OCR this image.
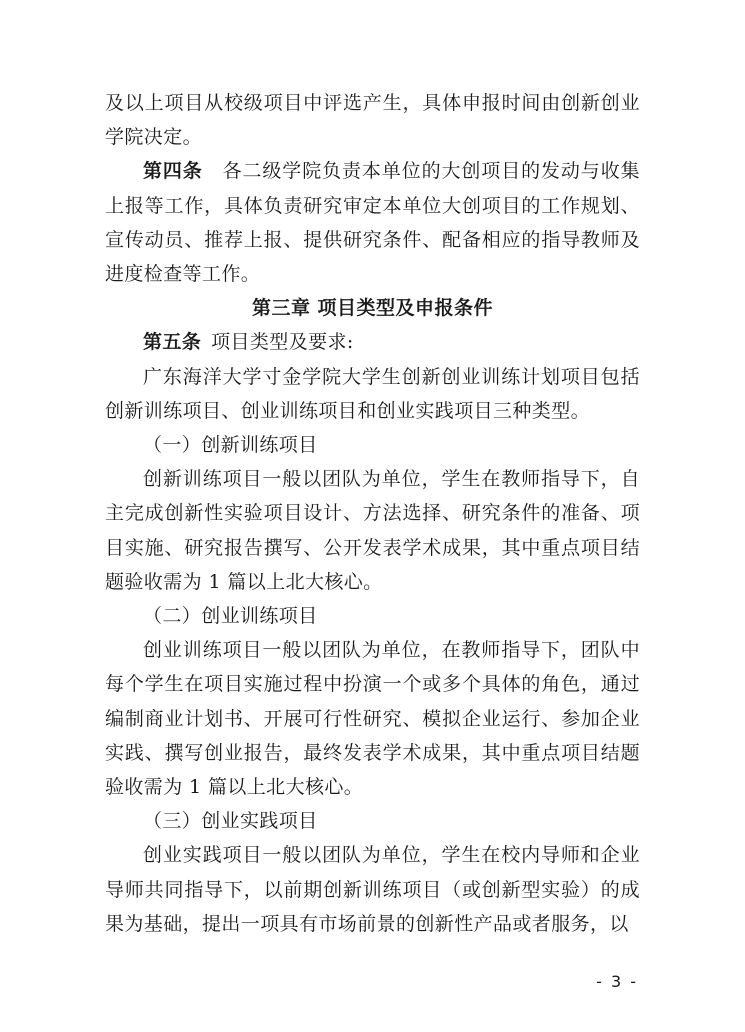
及以上项目从校级项目中评选产生，具体申报时间由创新创业学院决定。

第四条　 各二级学院负责本单位的大创项目的发动与收集上报等工作，具体负责研究审定本单位大创项目的工作规划、宣传动员、推荐上报、提供研究条件、配备相应的指导教师及进度检查等工作。

第三章 项目类型及申报条件

第五条  项目类型及要求:

广东海洋大学寸金学院大学生创新创业训练计划项目包括创新训练项目、创业训练项目和创业实践项目三种类型。

（一）创新训练项目

创新训练项目一般以团队为单位，学生在教师指导下，自主完成创新性实验项目设计、方法选择、研究条件的准备、项目实施、研究报告撰写、公开发表学术成果，其中重点项目结题验收需为 1 篇以上北大核心。

（二）创业训练项目

创业训练项目一般以团队为单位，在教师指导下，团队中每个学生在项目实施过程中扮演一个或多个具体的角色，通过编制商业计划书、开展可行性研究、模拟企业运行、参加企业实践、撰写创业报告，最终发表学术成果，其中重点项目结题验收需为 1 篇以上北大核心。

（三）创业实践项目

创业实践项目一般以团队为单位，学生在校内导师和企业导师共同指导下，以前期创新训练项目（或创新型实验）的成果为基础，提出一项具有市场前景的创新性产品或者服务，以

- 3 -
